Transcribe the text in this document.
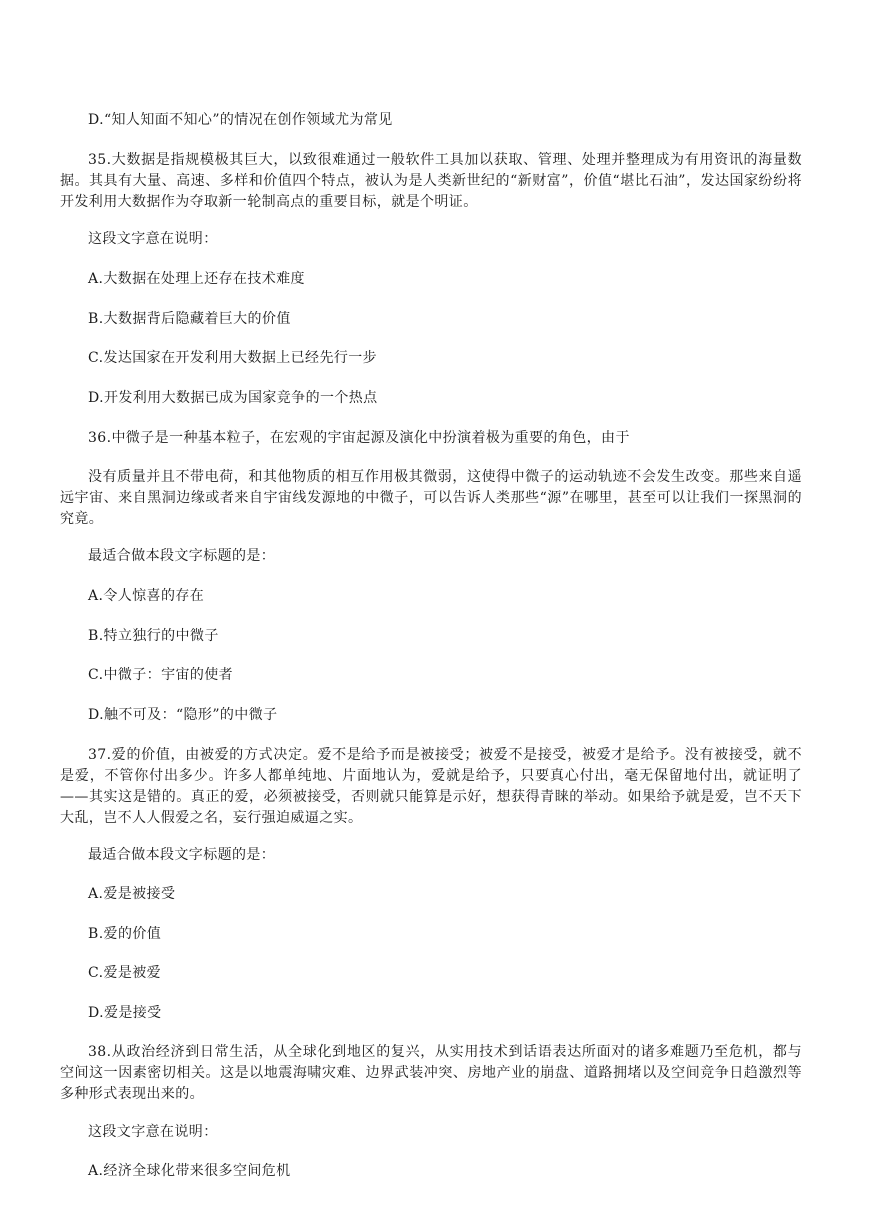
D.“知人知面不知心”的情况在创作领域尤为常见

35.大数据是指规模极其巨大，以致很难通过一般软件工具加以获取、管理、处理并整理成为有用资讯的海量数据。其具有大量、高速、多样和价值四个特点，被认为是人类新世纪的“新财富”，价值“堪比石油”，发达国家纷纷将开发利用大数据作为夺取新一轮制高点的重要目标，就是个明证。

这段文字意在说明：

A.大数据在处理上还存在技术难度

B.大数据背后隐藏着巨大的价值

C.发达国家在开发利用大数据上已经先行一步

D.开发利用大数据已成为国家竞争的一个热点

36.中微子是一种基本粒子，在宏观的宇宙起源及演化中扮演着极为重要的角色，由于

没有质量并且不带电荷，和其他物质的相互作用极其微弱，这使得中微子的运动轨迹不会发生改变。那些来自遥远宇宙、来自黑洞边缘或者来自宇宙线发源地的中微子，可以告诉人类那些“源”在哪里，甚至可以让我们一探黑洞的究竟。

最适合做本段文字标题的是：

A.令人惊喜的存在

B.特立独行的中微子

C.中微子：宇宙的使者

D.触不可及：“隐形”的中微子

37.爱的价值，由被爱的方式决定。爱不是给予而是被接受；被爱不是接受，被爱才是给予。没有被接受，就不是爱，不管你付出多少。许多人都单纯地、片面地认为，爱就是给予，只要真心付出，毫无保留地付出，就证明了——其实这是错的。真正的爱，必须被接受，否则就只能算是示好，想获得青睐的举动。如果给予就是爱，岂不天下大乱，岂不人人假爱之名，妄行强迫威逼之实。

最适合做本段文字标题的是：

A.爱是被接受

B.爱的价值

C.爱是被爱

D.爱是接受

38.从政治经济到日常生活，从全球化到地区的复兴，从实用技术到话语表达所面对的诸多难题乃至危机，都与空间这一因素密切相关。这是以地震海啸灾难、边界武装冲突、房地产业的崩盘、道路拥堵以及空间竞争日趋激烈等多种形式表现出来的。

这段文字意在说明：

A.经济全球化带来很多空间危机
